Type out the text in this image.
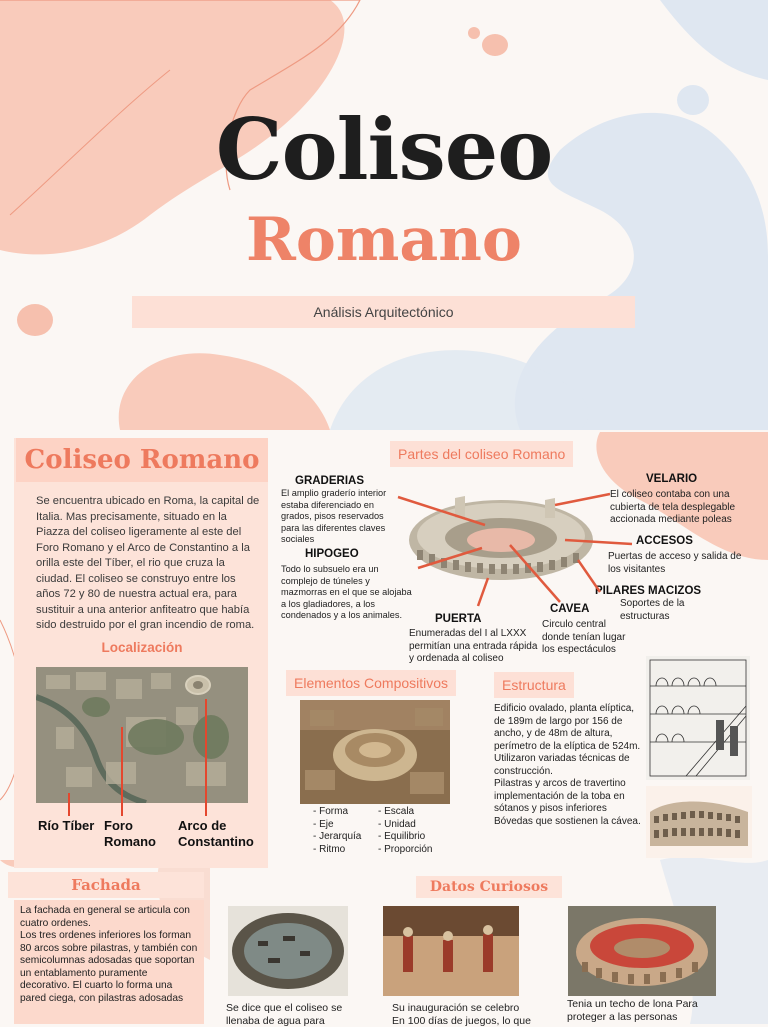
Coliseo
Romano
Análisis Arquitectónico
Coliseo Romano
Se encuentra ubicado en Roma, la capital de Italia. Mas precisamente, situado en la Piazza del coliseo ligeramente al este del Foro Romano y el Arco de Constantino a la orilla este del Tíber, el rio que cruza la ciudad. El coliseo se construyo entre los años 72 y 80 de nuestra actual era, para sustituir a una anterior anfiteatro que había sido destruido por el gran incendio de roma.
Localización
Río Tíber Foro Romano
Arco de Constantino
Partes del coliseo Romano
GRADERIAS
El amplio graderío interior estaba diferenciado en grados, pisos reservados para las diferentes claves sociales
HIPOGEO
Todo lo subsuelo era un complejo de túneles y mazmorras en el que se alojaba a los gladiadores, a los condenados y a los animales.	PUERTA
Enumeradas del I al LXXX permitían una entrada rápida y ordenada al coliseo
CAVEA
Circulo central donde tenían lugar los espectáculos
VELARIO
El coliseo contaba con una cubierta de tela desplegable accionada mediante poleas
ACCESOS
Puertas de acceso y salida de los visitantes
PILARES MACIZOS
Soportes de la estructuras
Elementos Compositivos
- Forma
- Eje
- Jerarquía
- Ritmo
- Escala
- Unidad
- Equilibrio
- Proporción
Estructura
Edificio ovalado, planta elíptica, de 189m de largo por 156 de ancho, y de 48m de altura, perímetro de la elíptica de 524m.
Utilizaron variadas técnicas de construcción.
Pilastras y arcos de travertino implementación de la toba en sótanos y pisos inferiores
Bóvedas que sostienen la cávea.
Fachada
La fachada en general se articula con cuatro ordenes.
Los tres ordenes inferiores los forman 80 arcos sobre pilastras, y también con semicolumnas adosadas que soportan un entablamento puramente decorativo. El cuarto lo forma una pared ciega, con pilastras adosadas
Datos Curiosos
Se dice que el coliseo se llenaba de agua para
Su inauguración se celebro En 100 días de juegos, lo que
Tenia un techo de lona Para proteger a las personas
